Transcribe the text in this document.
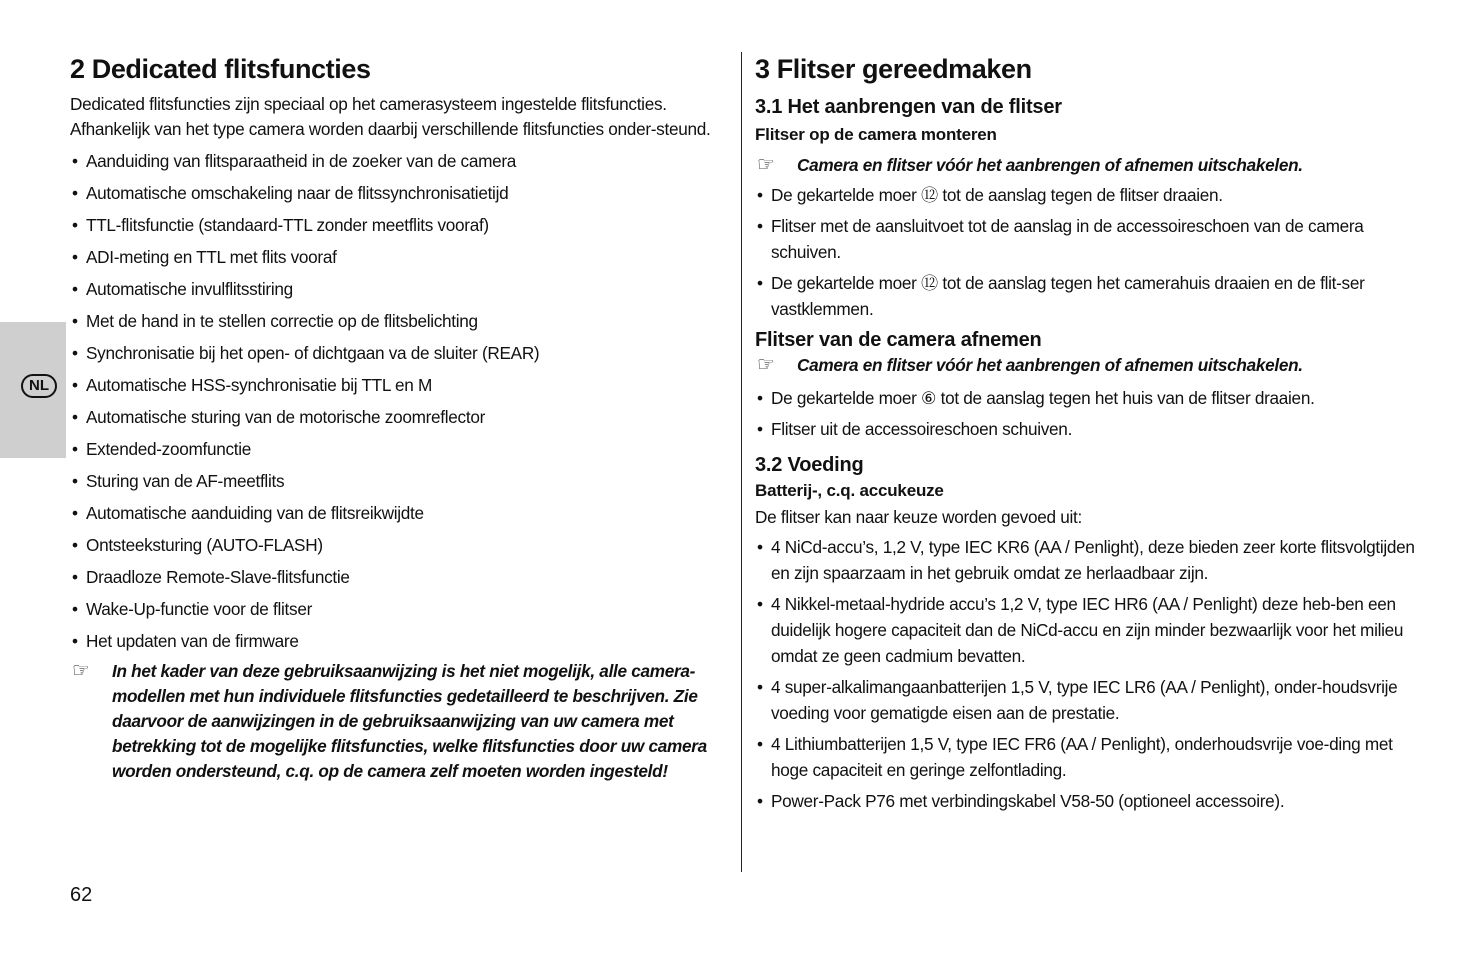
NL
2 Dedicated flitsfuncties

Dedicated flitsfuncties zijn speciaal op het camerasysteem ingestelde flitsfuncties. Afhankelijk van het type camera worden daarbij verschillende flitsfuncties onder-steund.

• Aanduiding van flitsparaatheid in de zoeker van de camera
• Automatische omschakeling naar de flitssynchronisatietijd
• TTL-flitsfunctie (standaard-TTL zonder meetflits vooraf)
• ADI-meting en TTL met flits vooraf
• Automatische invulflitsstiring
• Met de hand in te stellen correctie op de flitsbelichting
• Synchronisatie bij het open- of dichtgaan va de sluiter (REAR)
• Automatische HSS-synchronisatie bij TTL en M
• Automatische sturing van de motorische zoomreflector
• Extended-zoomfunctie
• Sturing van de AF-meetflits
• Automatische aanduiding van de flitsreikwijdte
• Ontsteeksturing (AUTO-FLASH)
• Draadloze Remote-Slave-flitsfunctie
• Wake-Up-functie voor de flitser
• Het updaten van de firmware
☞ In het kader van deze gebruiksaanwijzing is het niet mogelijk, alle camera-modellen met hun individuele flitsfuncties gedetailleerd te beschrijven. Zie daarvoor de aanwijzingen in de gebruiksaanwijzing van uw camera met betrekking tot de mogelijke flitsfuncties, welke flitsfuncties door uw camera worden ondersteund, c.q. op de camera zelf moeten worden ingesteld!
3 Flitser gereedmaken
3.1 Het aanbrengen van de flitser
Flitser op de camera monteren
☞ Camera en flitser vóór het aanbrengen of afnemen uitschakelen.
• De gekartelde moer ⑫ tot de aanslag tegen de flitser draaien.
• Flitser met de aansluitvoet tot de aanslag in de accessoireschoen van de camera schuiven.
• De gekartelde moer ⑫ tot de aanslag tegen het camerahuis draaien en de flit-ser vastklemmen.
Flitser van de camera afnemen
☞ Camera en flitser vóór het aanbrengen of afnemen uitschakelen.
• De gekartelde moer ⑥ tot de aanslag tegen het huis van de flitser draaien.
• Flitser uit de accessoireschoen schuiven.
3.2 Voeding
Batterij-, c.q. accukeuze

De flitser kan naar keuze worden gevoed uit:

• 4 NiCd-accu’s, 1,2 V, type IEC KR6 (AA / Penlight), deze bieden zeer korte flitsvolgtijden en zijn spaarzaam in het gebruik omdat ze herlaadbaar zijn.
• 4 Nikkel-metaal-hydride accu’s 1,2 V, type IEC HR6 (AA / Penlight) deze heb-ben een duidelijk hogere capaciteit dan de NiCd-accu en zijn minder bezwaarlijk voor het milieu omdat ze geen cadmium bevatten.
• 4 super-alkalimangaanbatterijen 1,5 V, type IEC LR6 (AA / Penlight), onder-houdsvrije voeding voor gematigde eisen aan de prestatie.
• 4 Lithiumbatterijen 1,5 V, type IEC FR6 (AA / Penlight), onderhoudsvrije voe-ding met hoge capaciteit en geringe zelfontlading.
• Power-Pack P76 met verbindingskabel V58-50 (optioneel accessoire).
62
